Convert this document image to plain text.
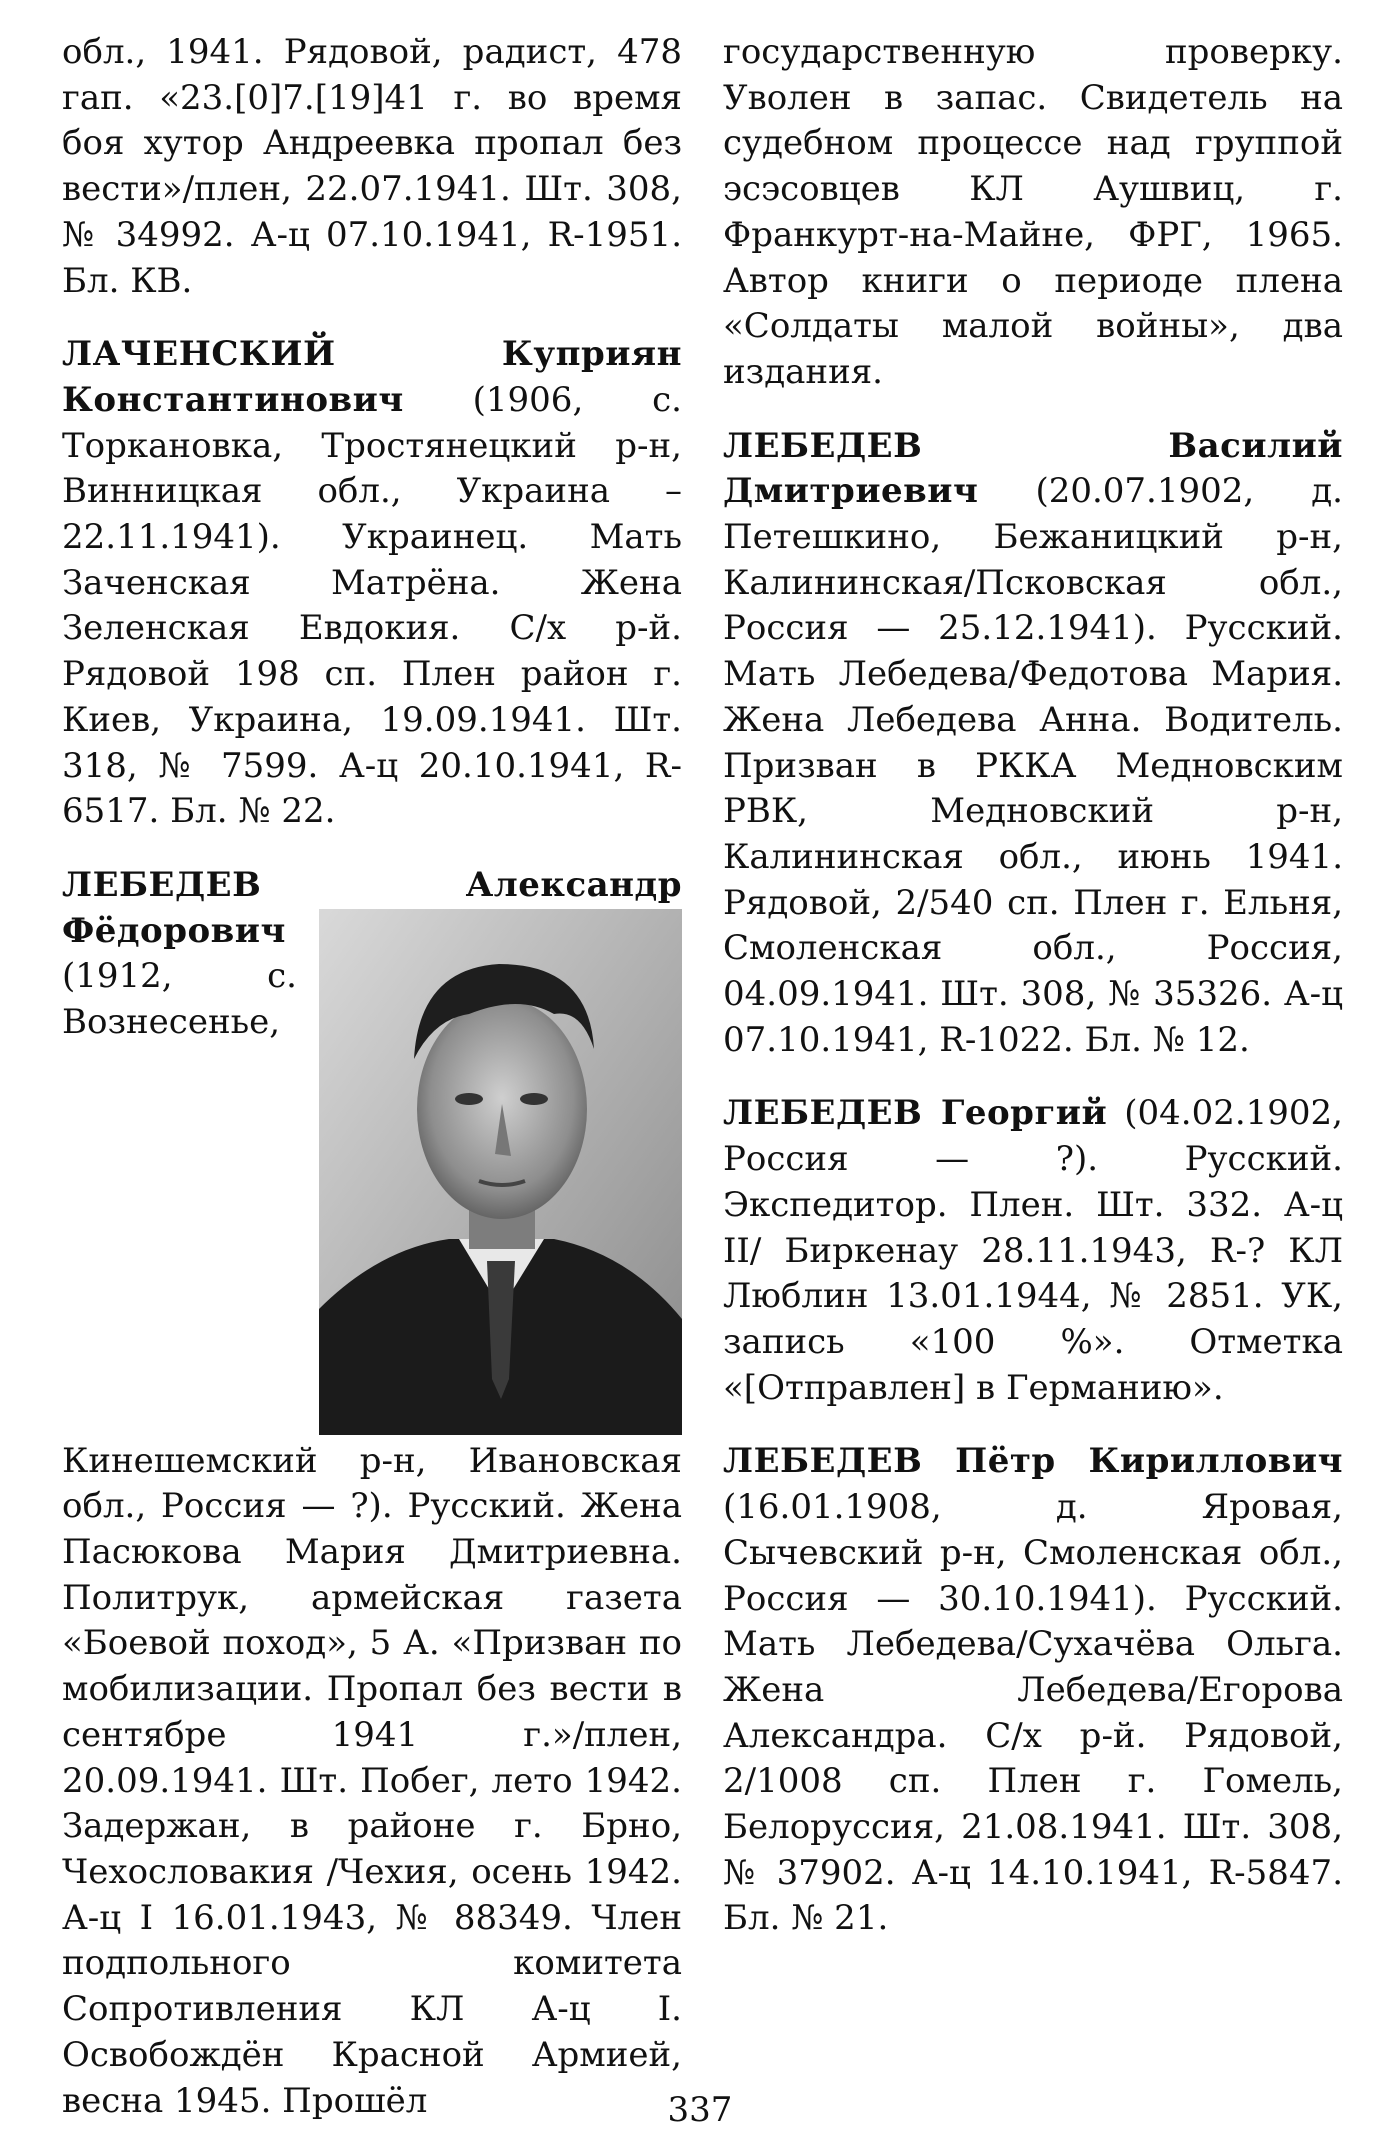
обл., 1941. Рядовой, радист, 478 гап. «23.[0]7.[19]41 г. во время боя хутор Андреевка пропал без вести»/плен, 22.07.1941. Шт. 308, № 34992. А-ц 07.10.1941, R-1951. Бл. КВ.

ЛАЧЕНСКИЙ Куприян Константинович (1906, с. Торкановка, Тростянецкий р-н, Винницкая обл., Украина – 22.11.1941). Украинец. Мать Заченская Матрёна. Жена Зеленская Евдокия. С/х р-й. Рядовой 198 сп. Плен район г. Киев, Украина, 19.09.1941. Шт. 318, № 7599. А-ц 20.10.1941, R-6517. Бл. № 22.

ЛЕБЕДЕВ Александр Фёдорович
(1912, с. Вознесенье, Кинешемский р-н, Ивановская обл., Россия — ?). Русский. Жена Пасюкова Мария Дмитриевна. Политрук, армейская газета «Боевой поход», 5 А. «Призван по мобилизации. Пропал без вести в сентябре 1941 г.»/плен, 20.09.1941. Шт. Побег, лето 1942. Задержан, в районе г. Брно, Чехословакия /Чехия, осень 1942. А-ц I 16.01.1943, № 88349. Член подпольного комитета Сопротивления КЛ А-ц I. Освобождён Красной Армией, весна 1945. Прошёл

государственную проверку. Уволен в запас. Свидетель на судебном процессе над группой эсэсовцев КЛ Аушвиц, г. Франкурт-на-Майне, ФРГ, 1965. Автор книги о периоде плена «Солдаты малой войны», два издания.

ЛЕБЕДЕВ Василий Дмитриевич (20.07.1902, д. Петешкино, Бежаницкий р-н, Калининская/Псковская обл., Россия — 25.12.1941). Русский. Мать Лебедева/Федотова Мария. Жена Лебедева Анна. Водитель. Призван в РККА Медновским РВК, Медновский р-н, Калининская обл., июнь 1941. Рядовой, 2/540 сп. Плен г. Ельня, Смоленская обл., Россия, 04.09.1941. Шт. 308, № 35326. А-ц 07.10.1941, R-1022. Бл. № 12.

ЛЕБЕДЕВ Георгий (04.02.1902, Россия — ?). Русский. Экспедитор. Плен. Шт. 332. А-ц II/ Биркенау 28.11.1943, R-? КЛ Люблин 13.01.1944, № 2851. УК, запись «100 %». Отметка «[Отправлен] в Германию».

ЛЕБЕДЕВ Пётр Кириллович (16.01.1908, д. Яровая, Сычевский р-н, Смоленская обл., Россия — 30.10.1941). Русский. Мать Лебедева/Сухачёва Ольга. Жена Лебедева/Егорова Александра. С/х р-й. Рядовой, 2/1008 сп. Плен г. Гомель, Белоруссия, 21.08.1941. Шт. 308, № 37902. А-ц 14.10.1941, R-5847. Бл. № 21.

337
